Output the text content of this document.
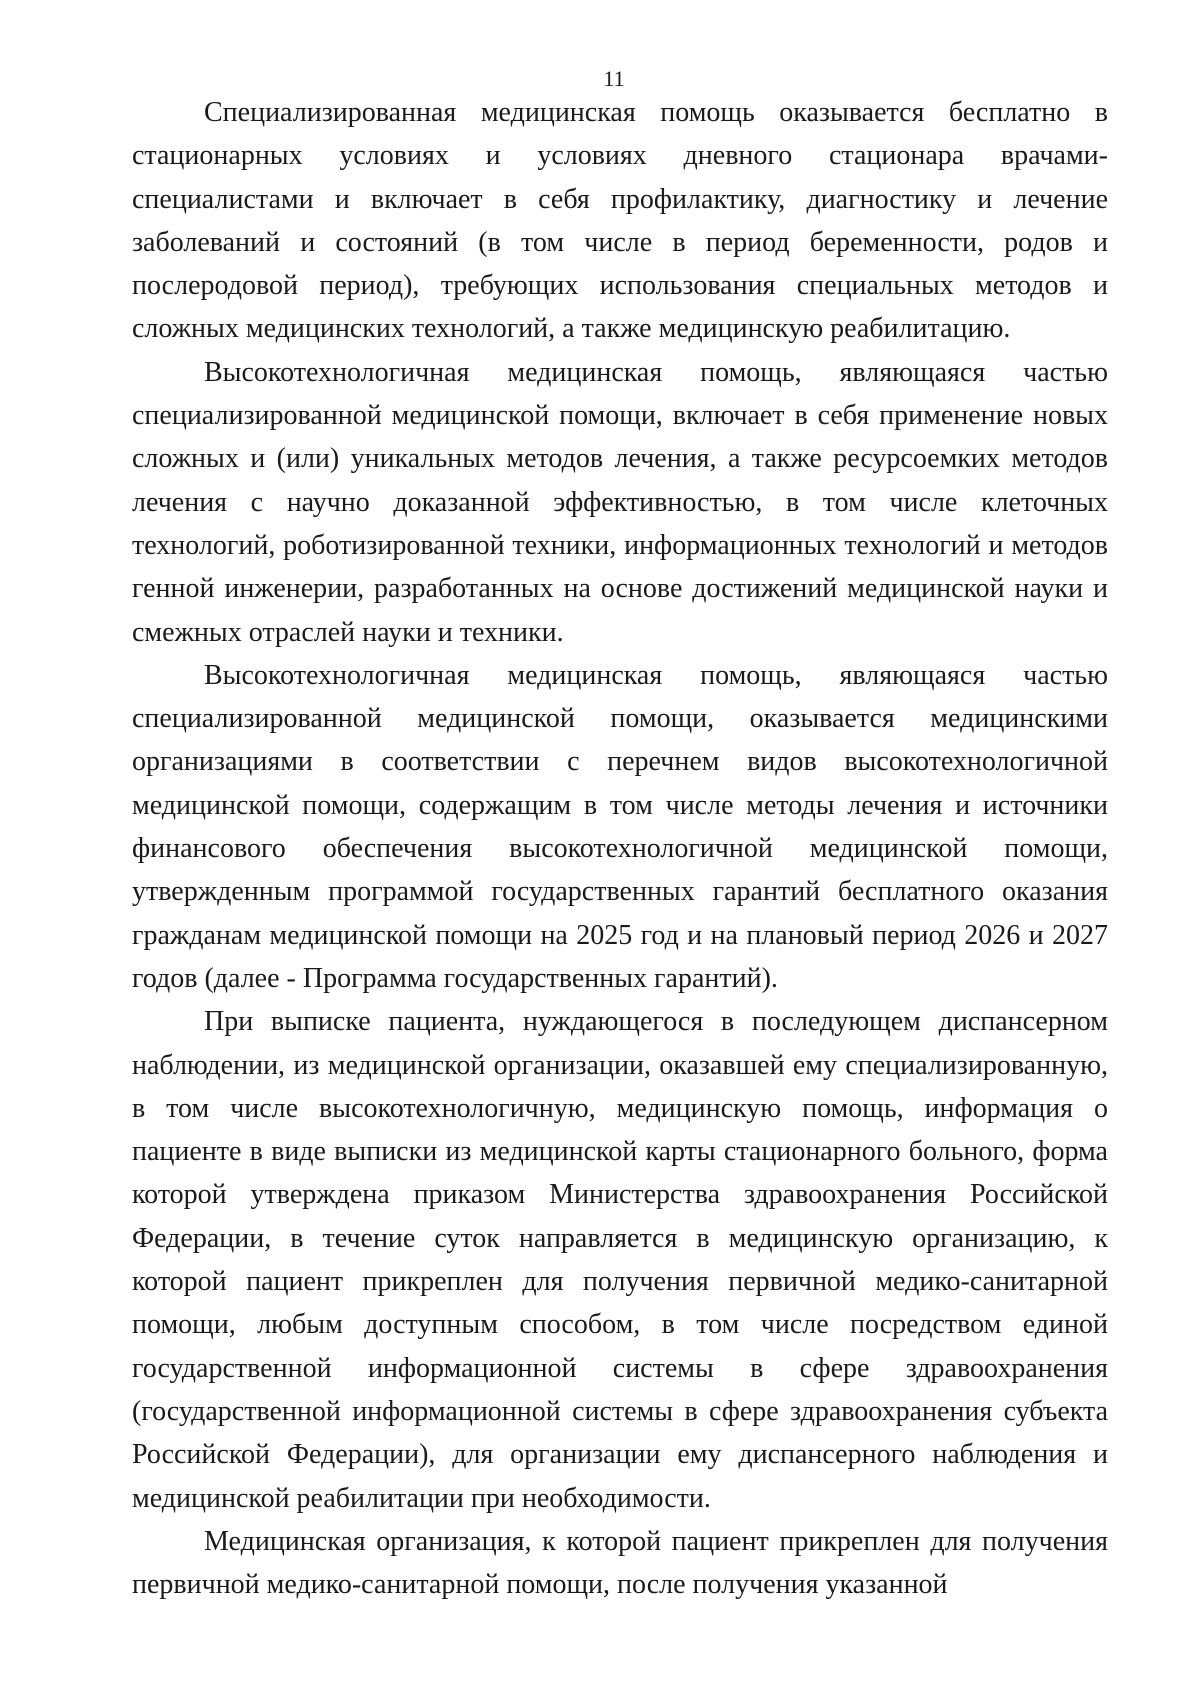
11

Специализированная медицинская помощь оказывается бесплатно в стационарных условиях и условиях дневного стационара врачами-специалистами и включает в себя профилактику, диагностику и лечение заболеваний и состояний (в том числе в период беременности, родов и послеродовой период), требующих использования специальных методов и сложных медицинских технологий, а также медицинскую реабилитацию.

Высокотехнологичная медицинская помощь, являющаяся частью специализированной медицинской помощи, включает в себя применение новых сложных и (или) уникальных методов лечения, а также ресурсоемких методов лечения с научно доказанной эффективностью, в том числе клеточных технологий, роботизированной техники, информационных технологий и методов генной инженерии, разработанных на основе достижений медицинской науки и смежных отраслей науки и техники.

Высокотехнологичная медицинская помощь, являющаяся частью специализированной медицинской помощи, оказывается медицинскими организациями в соответствии с перечнем видов высокотехнологичной медицинской помощи, содержащим в том числе методы лечения и источники финансового обеспечения высокотехнологичной медицинской помощи, утвержденным программой государственных гарантий бесплатного оказания гражданам медицинской помощи на 2025 год и на плановый период 2026 и 2027 годов (далее - Программа государственных гарантий).

При выписке пациента, нуждающегося в последующем диспансерном наблюдении, из медицинской организации, оказавшей ему специализированную, в том числе высокотехнологичную, медицинскую помощь, информация о пациенте в виде выписки из медицинской карты стационарного больного, форма которой утверждена приказом Министерства здравоохранения Российской Федерации, в течение суток направляется в медицинскую организацию, к которой пациент прикреплен для получения первичной медико-санитарной помощи, любым доступным способом, в том числе посредством единой государственной информационной системы в сфере здравоохранения (государственной информационной системы в сфере здравоохранения субъекта Российской Федерации), для организации ему диспансерного наблюдения и медицинской реабилитации при необходимости.

Медицинская организация, к которой пациент прикреплен для получения первичной медико-санитарной помощи, после получения указанной
